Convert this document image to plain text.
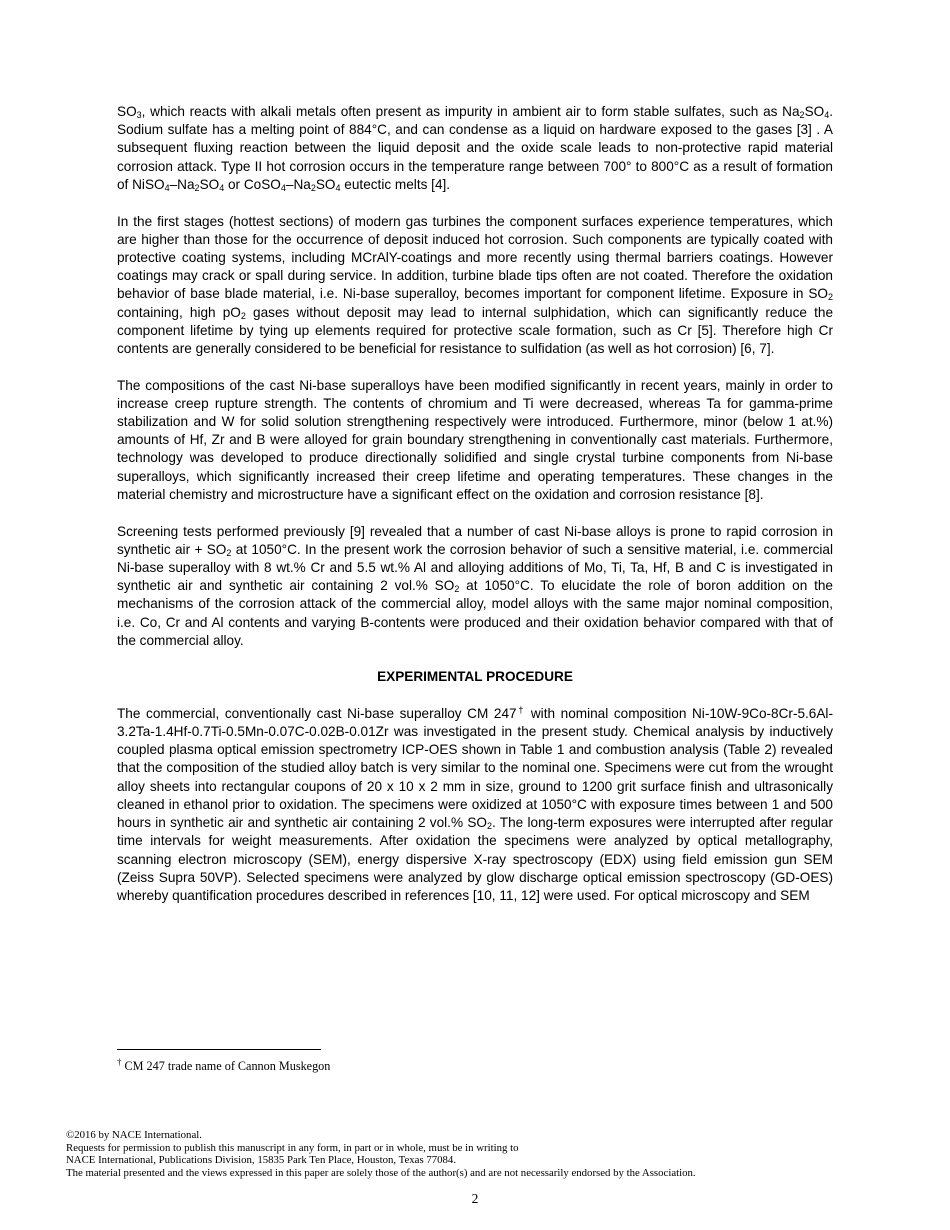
$SO_3$, which reacts with alkali metals often present as impurity in ambient air to form stable sulfates, such as $Na_2SO_4$. Sodium sulfate has a melting point of 884°C, and can condense as a liquid on hardware exposed to the gases [3] . A subsequent fluxing reaction between the liquid deposit and the oxide scale leads to non-protective rapid material corrosion attack. Type II hot corrosion occurs in the temperature range between 700° to 800°C as a result of formation of $NiSO_4-Na_2SO_4$ or $CoSO_4-Na_2SO_4$ eutectic melts [4].

In the first stages (hottest sections) of modern gas turbines the component surfaces experience temperatures, which are higher than those for the occurrence of deposit induced hot corrosion. Such components are typically coated with protective coating systems, including MCrAlY-coatings and more recently using thermal barriers coatings. However coatings may crack or spall during service. In addition, turbine blade tips often are not coated. Therefore the oxidation behavior of base blade material, i.e. Ni-base superalloy, becomes important for component lifetime. Exposure in $SO_2$ containing, high $pO_2$ gases without deposit may lead to internal sulphidation, which can significantly reduce the component lifetime by tying up elements required for protective scale formation, such as Cr [5]. Therefore high Cr contents are generally considered to be beneficial for resistance to sulfidation (as well as hot corrosion) [6, 7].

The compositions of the cast Ni-base superalloys have been modified significantly in recent years, mainly in order to increase creep rupture strength. The contents of chromium and Ti were decreased, whereas Ta for gamma-prime stabilization and W for solid solution strengthening respectively were introduced. Furthermore, minor (below 1 at.%) amounts of Hf, Zr and B were alloyed for grain boundary strengthening in conventionally cast materials. Furthermore, technology was developed to produce directionally solidified and single crystal turbine components from Ni-base superalloys, which significantly increased their creep lifetime and operating temperatures. These changes in the material chemistry and microstructure have a significant effect on the oxidation and corrosion resistance [8].

Screening tests performed previously [9] revealed that a number of cast Ni-base alloys is prone to rapid corrosion in synthetic air + $SO_2$ at 1050°C. In the present work the corrosion behavior of such a sensitive material, i.e. commercial Ni-base superalloy with 8 wt.% Cr and 5.5 wt.% Al and alloying additions of Mo, Ti, Ta, Hf, B and C is investigated in synthetic air and synthetic air containing 2 vol.% $SO_2$ at 1050°C. To elucidate the role of boron addition on the mechanisms of the corrosion attack of the commercial alloy, model alloys with the same major nominal composition, i.e. Co, Cr and Al contents and varying B-contents were produced and their oxidation behavior compared with that of the commercial alloy.

EXPERIMENTAL PROCEDURE

The commercial, conventionally cast Ni-base superalloy CM 247† with nominal composition Ni-10W-9Co-8Cr-5.6Al-3.2Ta-1.4Hf-0.7Ti-0.5Mn-0.07C-0.02B-0.01Zr was investigated in the present study. Chemical analysis by inductively coupled plasma optical emission spectrometry ICP-OES shown in Table 1 and combustion analysis (Table 2) revealed that the composition of the studied alloy batch is very similar to the nominal one. Specimens were cut from the wrought alloy sheets into rectangular coupons of 20 x 10 x 2 mm in size, ground to 1200 grit surface finish and ultrasonically cleaned in ethanol prior to oxidation. The specimens were oxidized at 1050°C with exposure times between 1 and 500 hours in synthetic air and synthetic air containing 2 vol.% $SO_2$. The long-term exposures were interrupted after regular time intervals for weight measurements. After oxidation the specimens were analyzed by optical metallography, scanning electron microscopy (SEM), energy dispersive X-ray spectroscopy (EDX) using field emission gun SEM (Zeiss Supra 50VP). Selected specimens were analyzed by glow discharge optical emission spectroscopy (GD-OES) whereby quantification procedures described in references [10, 11, 12] were used. For optical microscopy and SEM

† CM 247 trade name of Cannon Muskegon
©2016 by NACE International.
Requests for permission to publish this manuscript in any form, in part or in whole, must be in writing to
NACE International, Publications Division, 15835 Park Ten Place, Houston, Texas 77084.
The material presented and the views expressed in this paper are solely those of the author(s) and are not necessarily endorsed by the Association.
2
